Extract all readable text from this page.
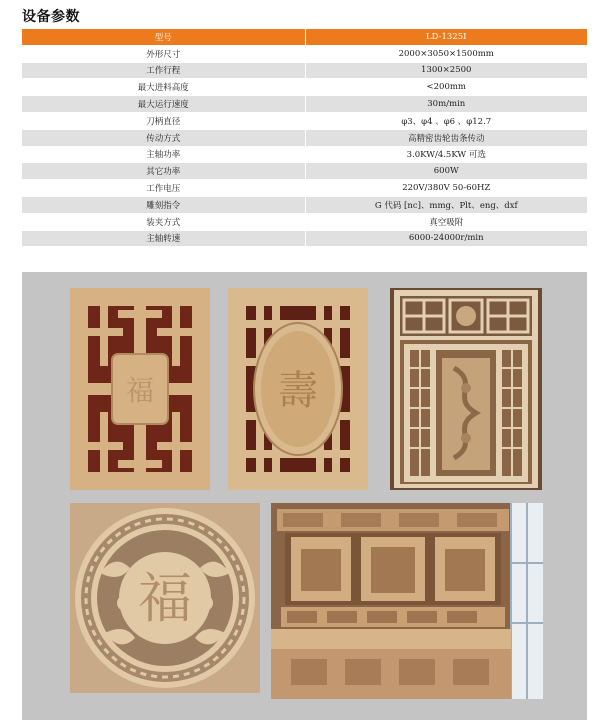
设备参数
型号	LD-1325I
外形尺寸	2000×3050×1500mm
工作行程	1300×2500
最大进料高度	<200mm
最大运行速度	30m/min
刀柄直径	φ3、φ4 、φ6 、φ12.7
传动方式	高精密齿轮齿条传动
主轴功率	3.0KW/4.5KW 可选
其它功率	600W
工作电压	220V/380V 50-60HZ
雕刻指令	G 代码 [nc]、mmg、Plt、eng、dxf
装夹方式	真空吸附
主轴转速	6000-24000r/min
福	壽
福
